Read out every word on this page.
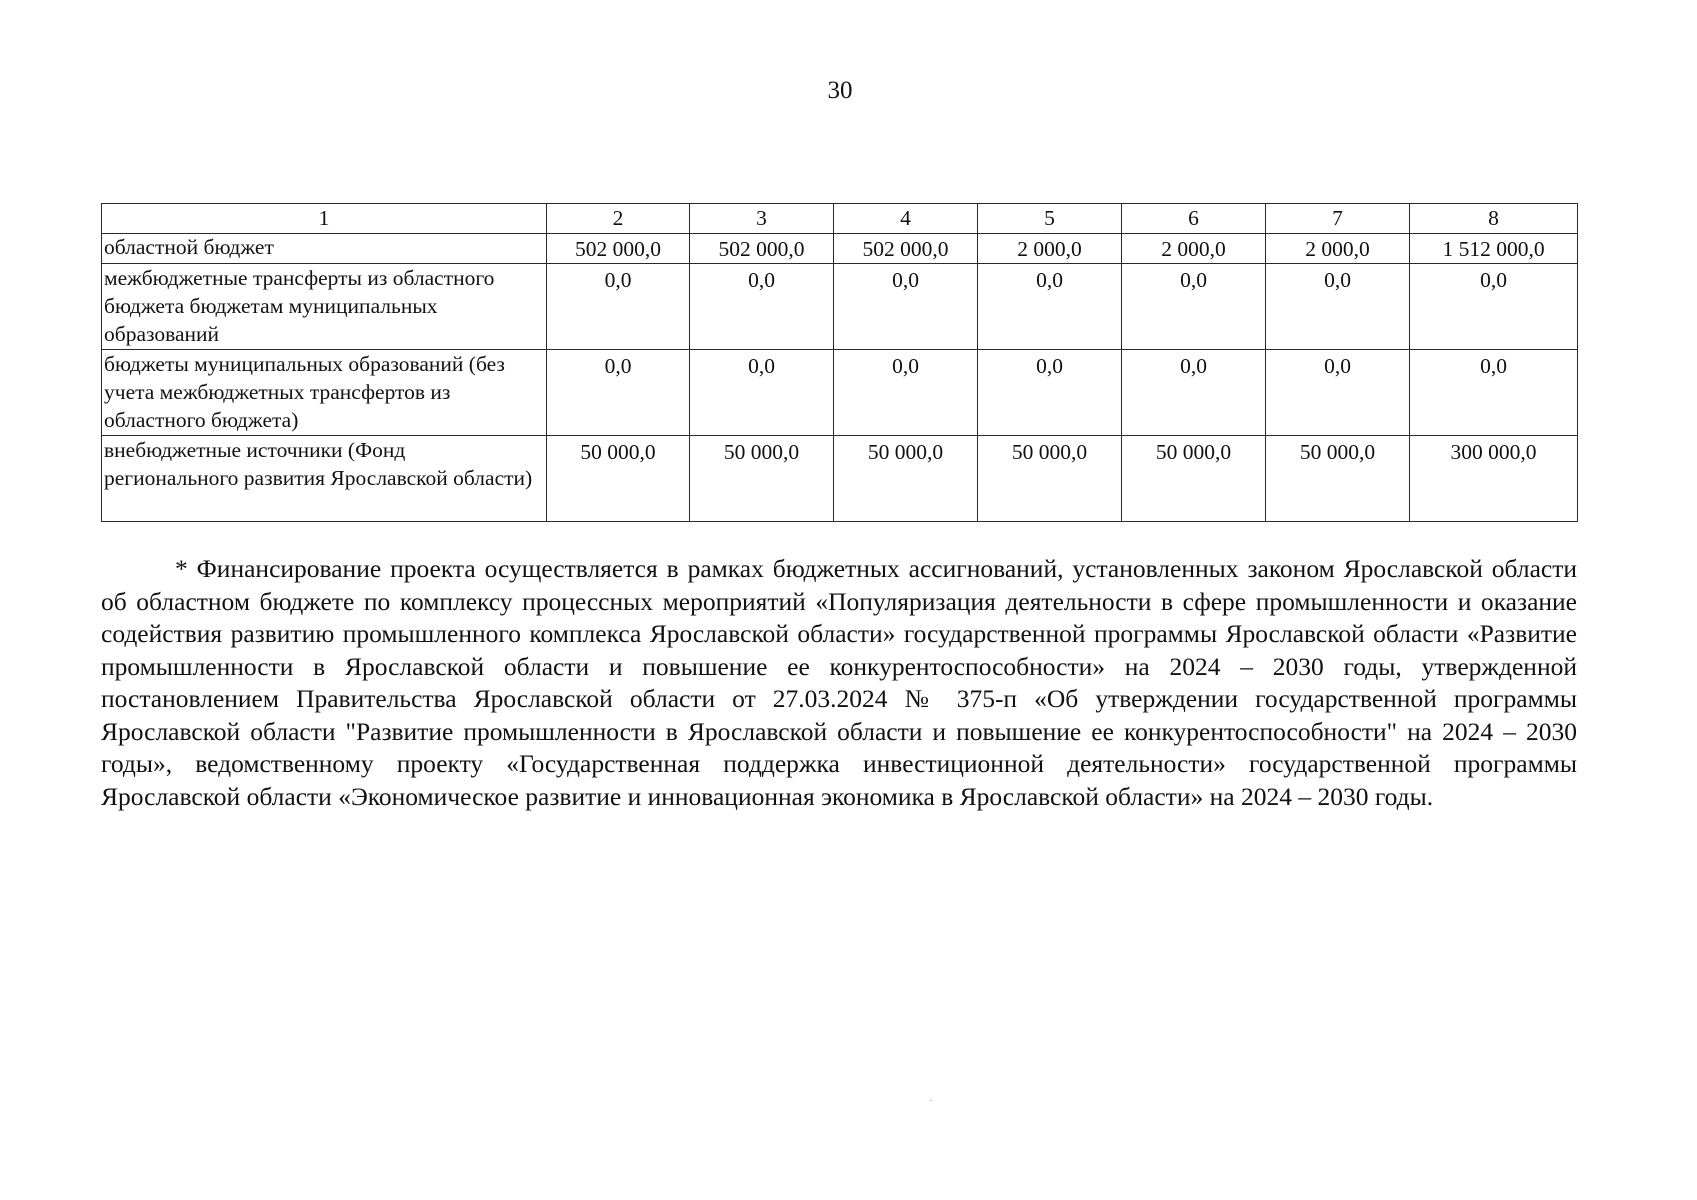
30
1	2	3	4	5	6	7	8
областной бюджет	502 000,0	502 000,0	502 000,0	2 000,0	2 000,0	2 000,0	1 512 000,0
межбюджетные трансферты из областного бюджета бюджетам муниципальных образований	0,0	0,0	0,0	0,0	0,0	0,0	0,0
бюджеты муниципальных образований (без учета межбюджетных трансфертов из областного бюджета)	0,0	0,0	0,0	0,0	0,0	0,0	0,0
внебюджетные источники (Фонд регионального развития Ярославской области)	50 000,0	50 000,0	50 000,0	50 000,0	50 000,0	50 000,0	300 000,0

* Финансирование проекта осуществляется в рамках бюджетных ассигнований, установленных законом Ярославской области об областном бюджете по комплексу процессных мероприятий «Популяризация деятельности в сфере промышленности и оказание содействия развитию промышленного комплекса Ярославской области» государственной программы Ярославской области «Развитие промышленности в Ярославской области и повышение ее конкурентоспособности» на 2024 – 2030 годы, утвержденной постановлением Правительства Ярославской области от 27.03.2024 № 375-п «Об утверждении государственной программы Ярославской области "Развитие промышленности в Ярославской области и повышение ее конкурентоспособности" на 2024 – 2030 годы», ведомственному проекту «Государственная поддержка инвестиционной деятельности» государственной программы Ярославской области «Экономическое развитие и инновационная экономика в Ярославской области» на 2024 – 2030 годы.
